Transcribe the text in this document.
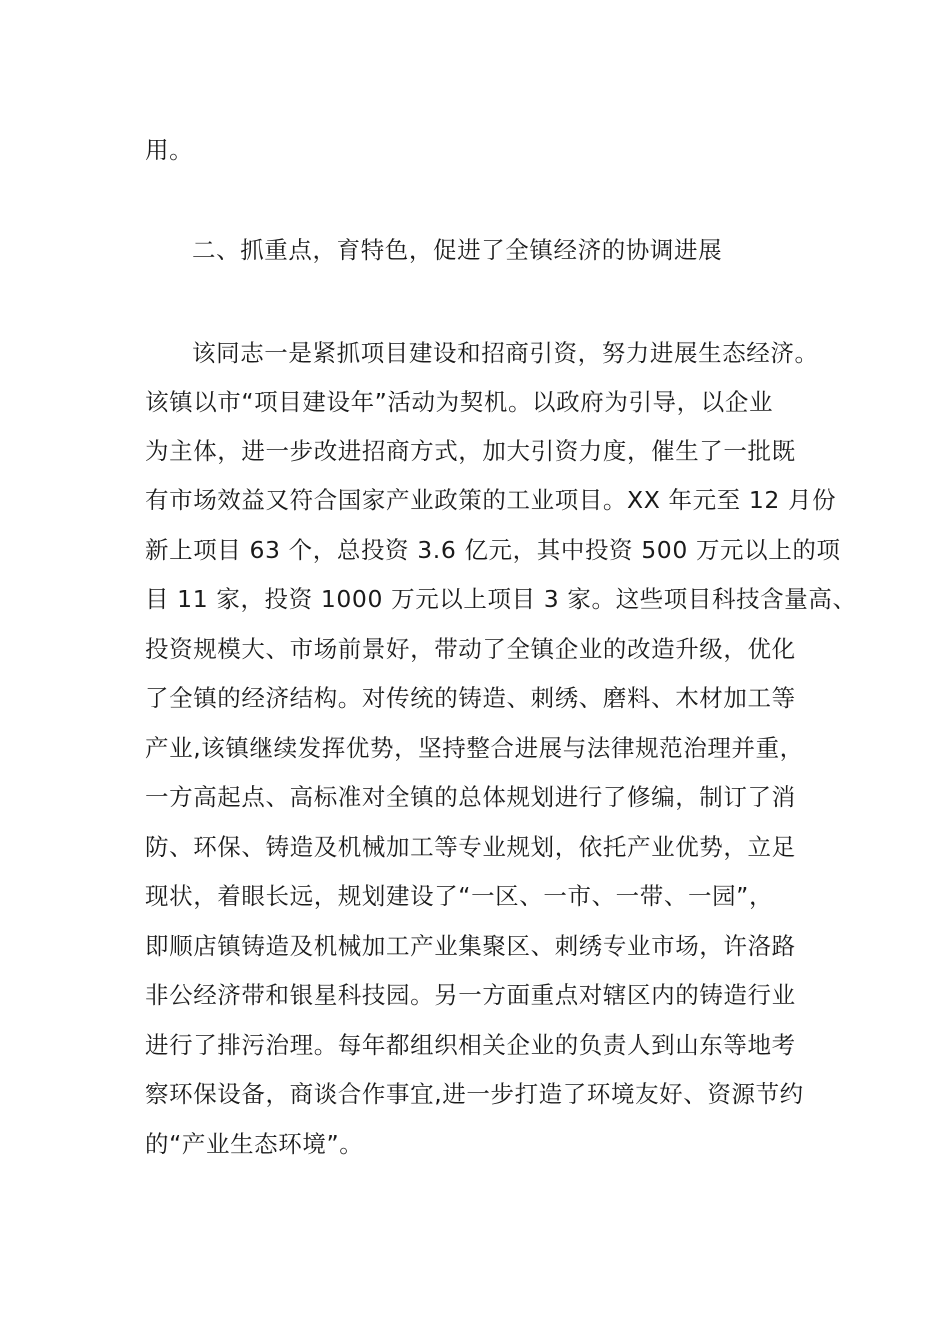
用。
二、抓重点，育特色，促进了全镇经济的协调进展
该同志一是紧抓项目建设和招商引资，努力进展生态经济。
该镇以市“项目建设年”活动为契机。以政府为引导，以企业
为主体，进一步改进招商方式，加大引资力度，催生了一批既
有市场效益又符合国家产业政策的工业项目。XX 年元至 12 月份
新上项目 63 个，总投资 3.6 亿元，其中投资 500 万元以上的项
目 11 家，投资 1000 万元以上项目 3 家。这些项目科技含量高、
投资规模大、市场前景好，带动了全镇企业的改造升级，优化
了全镇的经济结构。对传统的铸造、刺绣、磨料、木材加工等
产业,该镇继续发挥优势，坚持整合进展与法律规范治理并重，
一方高起点、高标准对全镇的总体规划进行了修编，制订了消
防、环保、铸造及机械加工等专业规划，依托产业优势，立足
现状，着眼长远，规划建设了“一区、一市、一带、一园”，
即顺店镇铸造及机械加工产业集聚区、刺绣专业市场，许洛路
非公经济带和银星科技园。另一方面重点对辖区内的铸造行业
进行了排污治理。每年都组织相关企业的负责人到山东等地考
察环保设备，商谈合作事宜,进一步打造了环境友好、资源节约
的“产业生态环境”。
